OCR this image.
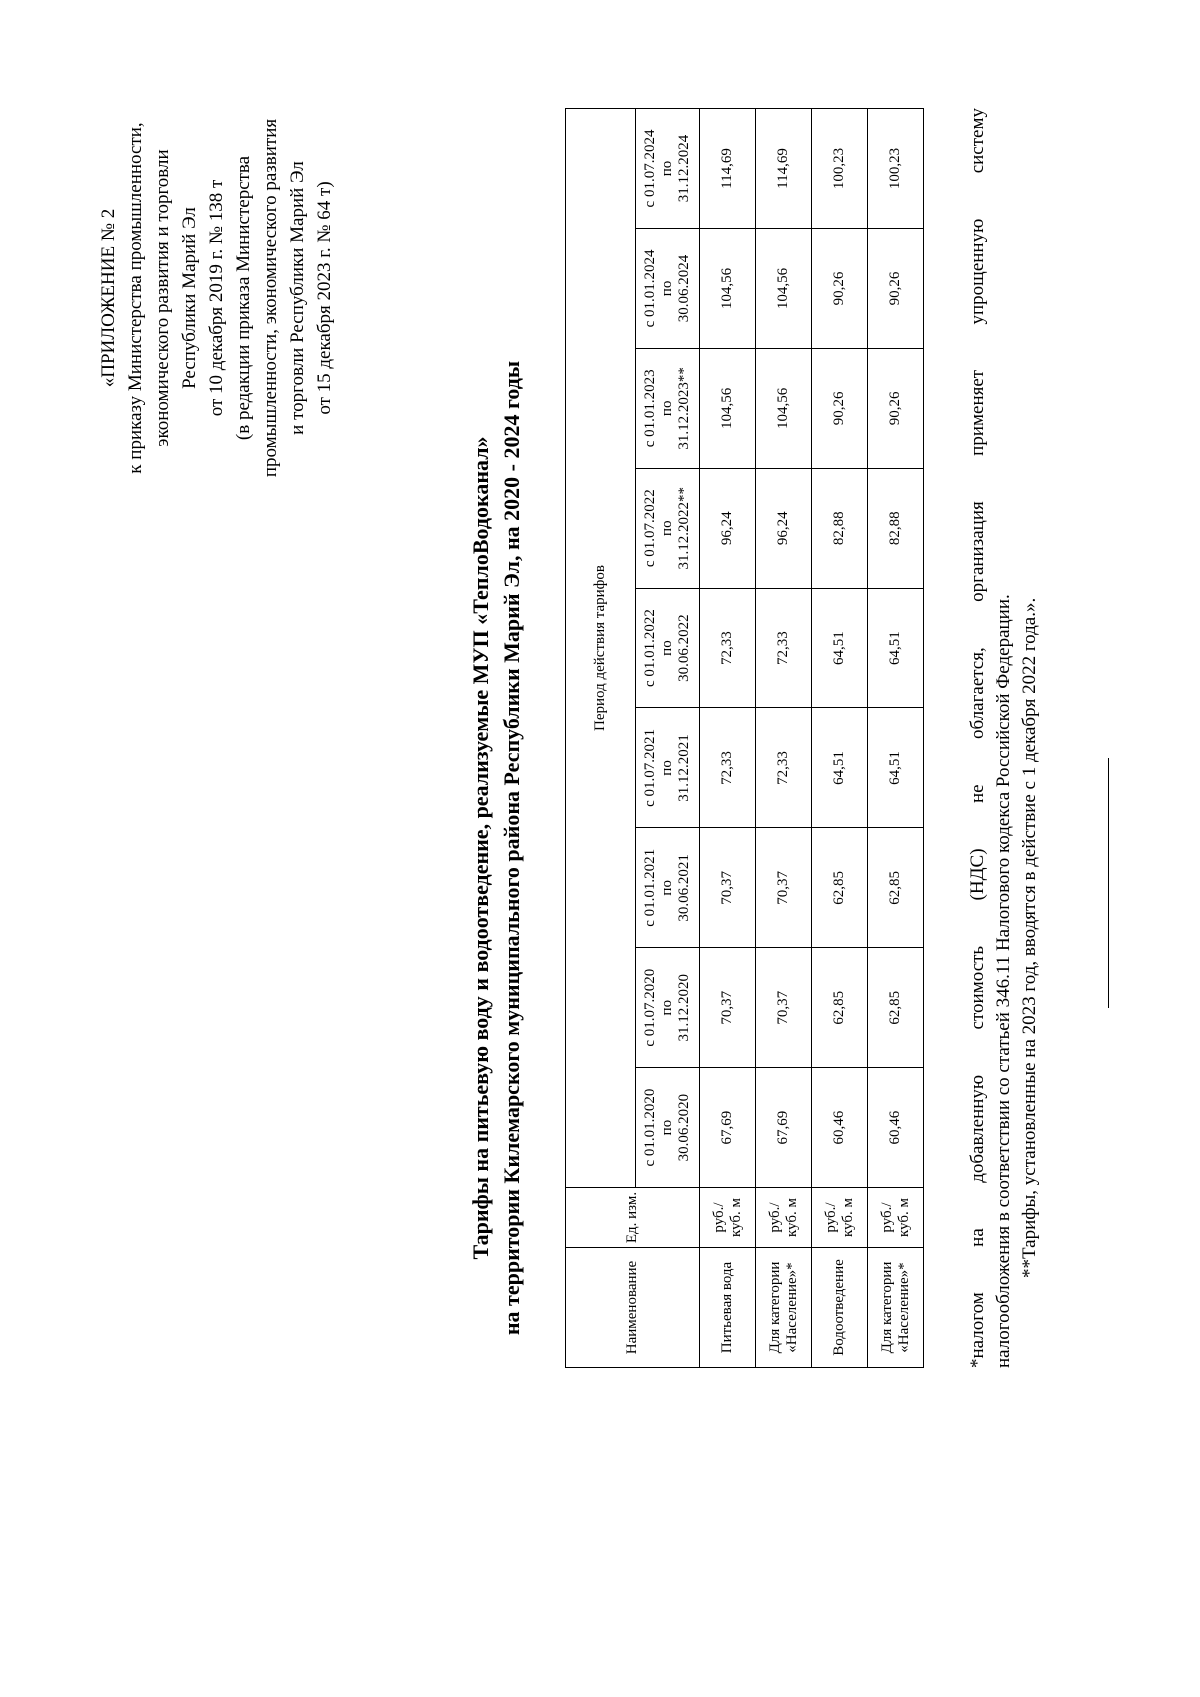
«ПРИЛОЖЕНИЕ № 2 к приказу Министерства промышленности, экономического развития и торговли Республики Марий Эл от 10 декабря 2019 г. № 138 т (в редакции приказа Министерства промышленности, экономического развития и торговли Республики Марий Эл от 15 декабря 2023 г. № 64 т)
Тарифы на питьевую воду и водоотведение, реализуемые МУП «ТеплоВодоканал» на территории Килемарского муниципального района Республики Марий Эл, на 2020 - 2024 годы	Наименование	Ед. изм.	Период действия тарифов								

		с 01.01.2020 по 30.06.2020	с 01.07.2020 по 31.12.2020	с 01.01.2021 по 30.06.2021	с 01.07.2021 по 31.12.2021	с 01.01.2022 по 30.06.2022	с 01.07.2022 по 31.12.2022**	с 01.01.2023 по 31.12.2023**	с 01.01.2024 по 30.06.2024	с 01.07.2024 по 31.12.2024

Питьевая вода	руб./ куб. м	67,69	70,37	70,37	72,33	72,33	96,24	104,56	104,56	114,69
Для категории «Население»*	руб./ куб. м	67,69	70,37	70,37	72,33	72,33	96,24	104,56	104,56	114,69
Водоотведение	руб./ куб. м	60,46	62,85	62,85	64,51	64,51	82,88	90,26	90,26	100,23
Для категории «Население»*	руб./ куб. м	60,46	62,85	62,85	64,51	64,51	82,88	90,26	90,26	100,23	*налогом на добавленную стоимость (НДС) не облагается, организация применяет упрощенную систему налогообложения в соответствии со статьей 346.11 Налогового кодекса Российской Федерации. **Тарифы, установленные на 2023 год, вводятся в действие с 1 декабря 2022 года.».
